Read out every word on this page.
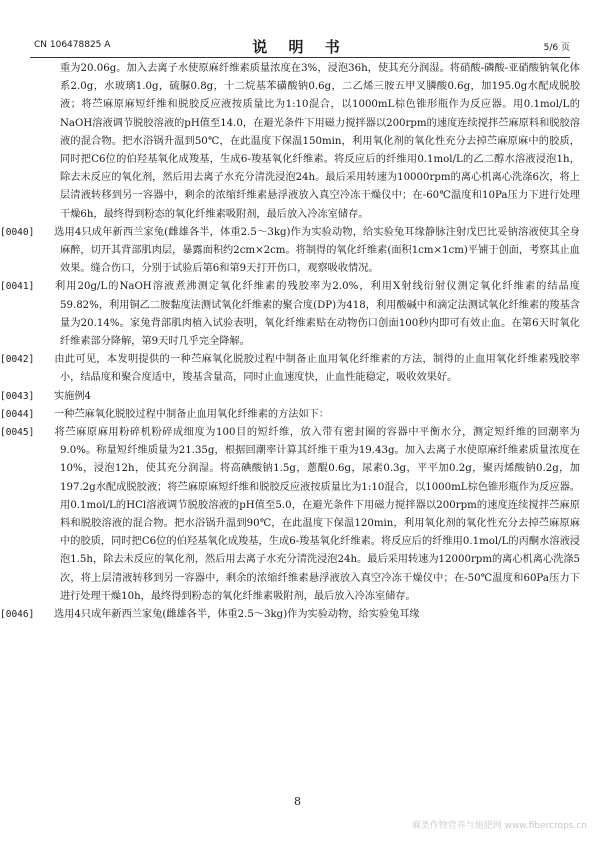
CN 106478825 A	说 明 书	5/6 页

重为20.06g。加入去离子水使原麻纤维素质量浓度在3%，浸泡36h，使其充分润湿。将硝酸-磷酸-亚硝酸钠氧化体系2.0g，水玻璃1.0g，硫脲0.8g，十二烷基苯磺酸钠0.6g，二乙烯三胺五甲叉膦酸0.6g，加195.0g水配成脱胶液；将苎麻原麻短纤维和脱胶反应液按质量比为1:10混合，以1000mL棕色锥形瓶作为反应器。用0.1mol/L的NaOH溶液调节脱胶溶液的pH值至14.0，在避光条件下用磁力搅拌器以200rpm的速度连续搅拌苎麻原料和脱胶溶液的混合物。把水浴锅升温到50℃，在此温度下保温150min，利用氧化剂的氧化性充分去掉苎麻原麻中的胶质，同时把C6位的伯羟基氧化成羧基，生成6-羧基氧化纤维素。将反应后的纤维用0.1mol/L的乙二醇水溶液浸泡1h，除去未反应的氧化剂，然后用去离子水充分清洗浸泡24h。最后采用转速为10000rpm的离心机离心洗涤6次，将上层清液转移到另一容器中，剩余的浓缩纤维素悬浮液放入真空冷冻干燥仪中；在-60℃温度和10Pa压力下进行处理干燥6h，最终得到粉态的氧化纤维素吸附剂，最后放入冷冻室储存。

[0040] 选用4只成年新西兰家兔(雌雄各半，体重2.5～3kg)作为实验动物，给实验兔耳缘静脉注射戊巴比妥钠溶液使其全身麻醉，切开其背部肌肉层，暴露面积约2cm×2cm。将制得的氧化纤维素(面积1cm×1cm)平铺于创面，考察其止血效果。缝合伤口，分别于试验后第6和第9天打开伤口，观察吸收情况。

[0041] 利用20g/L的NaOH溶液煮沸测定氧化纤维素的残胶率为2.0%，利用X射线衍射仪测定氧化纤维素的结晶度59.82%，利用铜乙二胺黏度法测试氧化纤维素的聚合度(DP)为418，利用酸碱中和滴定法测试氧化纤维素的羧基含量为20.14%。家兔背部肌肉植入试验表明，氧化纤维素贴在动物伤口创面100秒内即可有效止血。在第6天时氧化纤维素部分降解，第9天时几乎完全降解。

[0042] 由此可见，本发明提供的一种苎麻氧化脱胶过程中制备止血用氧化纤维素的方法，制得的止血用氧化纤维素残胶率小，结晶度和聚合度适中，羧基含量高，同时止血速度快，止血性能稳定，吸收效果好。

[0043] 实施例4

[0044] 一种苎麻氧化脱胶过程中制备止血用氧化纤维素的方法如下：

[0045] 将苎麻原麻用粉碎机粉碎成细度为100目的短纤维，放入带有密封圈的容器中平衡水分，测定短纤维的回潮率为9.0%。称量短纤维质量为21.35g，根据回潮率计算其纤维干重为19.43g。加入去离子水使原麻纤维素质量浓度在10%，浸泡12h，使其充分润湿。将高碘酸钠1.5g，蔥醌0.6g，尿素0.3g，平平加0.2g，聚丙烯酸钠0.2g，加197.2g水配成脱胶液；将苎麻原麻短纤维和脱胶反应液按质量比为1:10混合，以1000mL棕色锥形瓶作为反应器。用0.1mol/L的HCl溶液调节脱胶溶液的pH值至5.0，在避光条件下用磁力搅拌器以200rpm的速度连续搅拌苎麻原料和脱胶溶液的混合物。把水浴锅升温到90℃，在此温度下保温120min，利用氧化剂的氧化性充分去掉苎麻原麻中的胶质，同时把C6位的伯羟基氧化成羧基，生成6-羧基氧化纤维素。将反应后的纤维用0.1mol/L的丙酮水溶液浸泡1.5h，除去未反应的氧化剂，然后用去离子水充分清洗浸泡24h。最后采用转速为12000rpm的离心机离心洗涤5次，将上层清液转移到另一容器中，剩余的浓缩纤维素悬浮液放入真空冷冻干燥仪中；在-50℃温度和60Pa压力下进行处理干燥10h，最终得到粉态的氧化纤维素吸附剂，最后放入冷冻室储存。

[0046] 选用4只成年新西兰家兔(雌雄各半，体重2.5～3kg)作为实验动物，给实验兔耳缘

8
麻类作物营养与施肥网 www.fibercrops.cn
